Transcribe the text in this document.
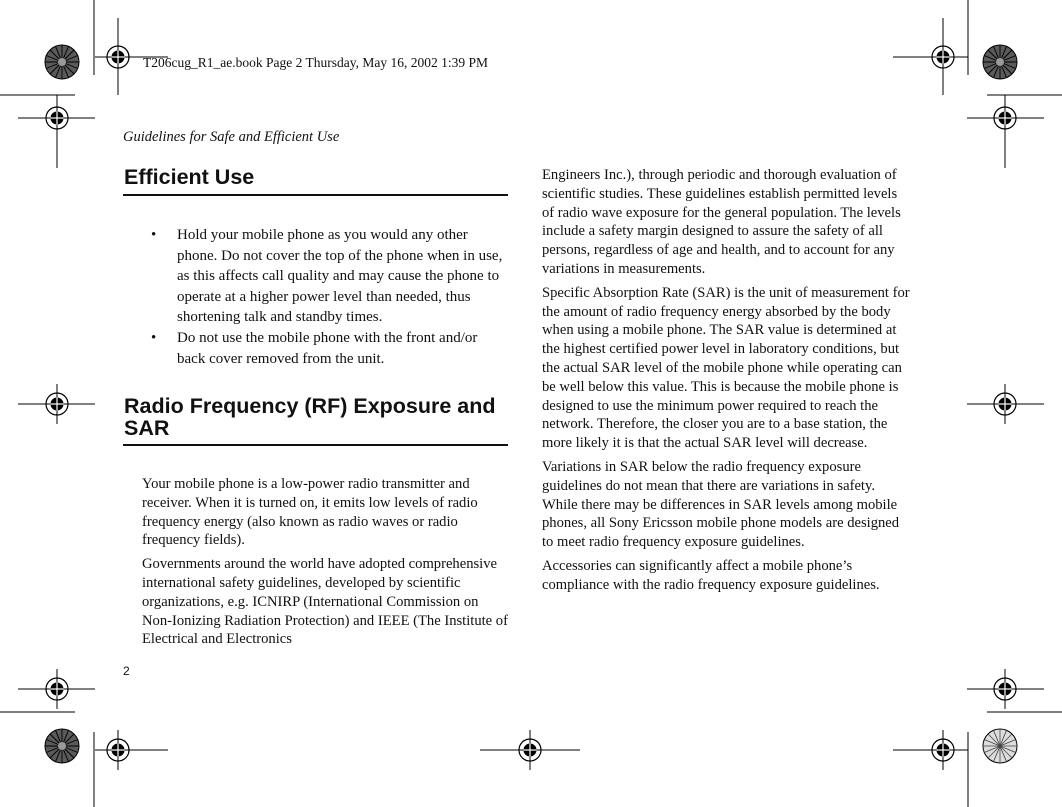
T206cug_R1_ae.book Page 2 Thursday, May 16, 2002 1:39 PM
Guidelines for Safe and Efficient Use
Efficient Use
• Hold your mobile phone as you would any other phone. Do not cover the top of the phone when in use, as this affects call quality and may cause the phone to operate at a higher power level than needed, thus shortening talk and standby times.
• Do not use the mobile phone with the front and/or back cover removed from the unit.
Radio Frequency (RF) Exposure and SAR

Your mobile phone is a low-power radio transmitter and receiver. When it is turned on, it emits low levels of radio frequency energy (also known as radio waves or radio frequency fields).

Governments around the world have adopted comprehensive international safety guidelines, developed by scientific organizations, e.g. ICNIRP (International Commission on Non-Ionizing Radiation Protection) and IEEE (The Institute of Electrical and Electronics

Engineers Inc.), through periodic and thorough evaluation of scientific studies. These guidelines establish permitted levels of radio wave exposure for the general population. The levels include a safety margin designed to assure the safety of all persons, regardless of age and health, and to account for any variations in measurements.

Specific Absorption Rate (SAR) is the unit of measurement for the amount of radio frequency energy absorbed by the body when using a mobile phone. The SAR value is determined at the highest certified power level in laboratory conditions, but the actual SAR level of the mobile phone while operating can be well below this value. This is because the mobile phone is designed to use the minimum power required to reach the network. Therefore, the closer you are to a base station, the more likely it is that the actual SAR level will decrease.

Variations in SAR below the radio frequency exposure guidelines do not mean that there are variations in safety. While there may be differences in SAR levels among mobile phones, all Sony Ericsson mobile phone models are designed to meet radio frequency exposure guidelines.

Accessories can significantly affect a mobile phone’s compliance with the radio frequency exposure guidelines.

2
